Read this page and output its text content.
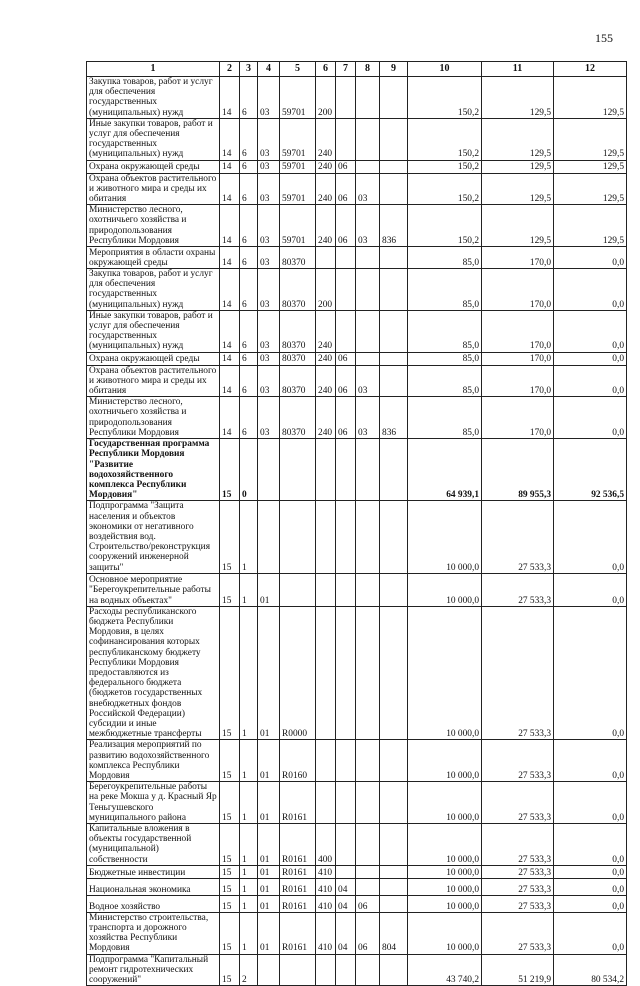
155
1	2	3	4	5	6	7	8	9	10	11	12
Закупка товаров, работ и услуг для обеспечения государственных (муниципальных) нужд	14	6	03	59701	200				150,2	129,5	129,5
Иные закупки товаров, работ и услуг для обеспечения государственных (муниципальных) нужд	14	6	03	59701	240				150,2	129,5	129,5
Охрана окружающей среды	14	6	03	59701	240	06			150,2	129,5	129,5
Охрана объектов растительного и животного мира и среды их обитания	14	6	03	59701	240	06	03		150,2	129,5	129,5
Министерство лесного, охотничьего хозяйства и природопользования Республики Мордовия	14	6	03	59701	240	06	03	836	150,2	129,5	129,5
Мероприятия в области охраны окружающей среды	14	6	03	80370					85,0	170,0	0,0
Закупка товаров, работ и услуг для обеспечения государственных (муниципальных) нужд	14	6	03	80370	200				85,0	170,0	0,0
Иные закупки товаров, работ и услуг для обеспечения государственных (муниципальных) нужд	14	6	03	80370	240				85,0	170,0	0,0
Охрана окружающей среды	14	6	03	80370	240	06			85,0	170,0	0,0
Охрана объектов растительного и животного мира и среды их обитания	14	6	03	80370	240	06	03		85,0	170,0	0,0
Министерство лесного, охотничьего хозяйства и природопользования Республики Мордовия	14	6	03	80370	240	06	03	836	85,0	170,0	0,0
Государственная программа Республики Мордовия "Развитие водохозяйственного комплекса Республики Мордовия"	15	0							64 939,1	89 955,3	92 536,5
Подпрограмма "Защита населения и объектов экономики от негативного воздействия вод. Строительство/реконструкция сооружений инженерной защиты"	15	1							10 000,0	27 533,3	0,0
Основное мероприятие "Берегоукрепительные работы на водных объектах"	15	1	01						10 000,0	27 533,3	0,0
Расходы республиканского бюджета Республики Мордовия, в целях софинансирования которых республиканскому бюджету Республики Мордовия предоставляются из федерального бюджета (бюджетов государственных внебюджетных фондов Российской Федерации) субсидии и иные межбюджетные трансферты	15	1	01	R0000					10 000,0	27 533,3	0,0
Реализация мероприятий по развитию водохозяйственного комплекса Республики Мордовия	15	1	01	R0160					10 000,0	27 533,3	0,0
Берегоукрепительные работы на реке Мокша у д. Красный Яр Теньгушевского муниципального района	15	1	01	R0161					10 000,0	27 533,3	0,0
Капитальные вложения в объекты государственной (муниципальной) собственности	15	1	01	R0161	400				10 000,0	27 533,3	0,0
Бюджетные инвестиции	15	1	01	R0161	410				10 000,0	27 533,3	0,0
Национальная экономика	15	1	01	R0161	410	04			10 000,0	27 533,3	0,0
Водное хозяйство	15	1	01	R0161	410	04	06		10 000,0	27 533,3	0,0
Министерство строительства, транспорта и дорожного хозяйства Республики Мордовия	15	1	01	R0161	410	04	06	804	10 000,0	27 533,3	0,0
Подпрограмма "Капитальный ремонт гидротехнических сооружений"	15	2							43 740,2	51 219,9	80 534,2
